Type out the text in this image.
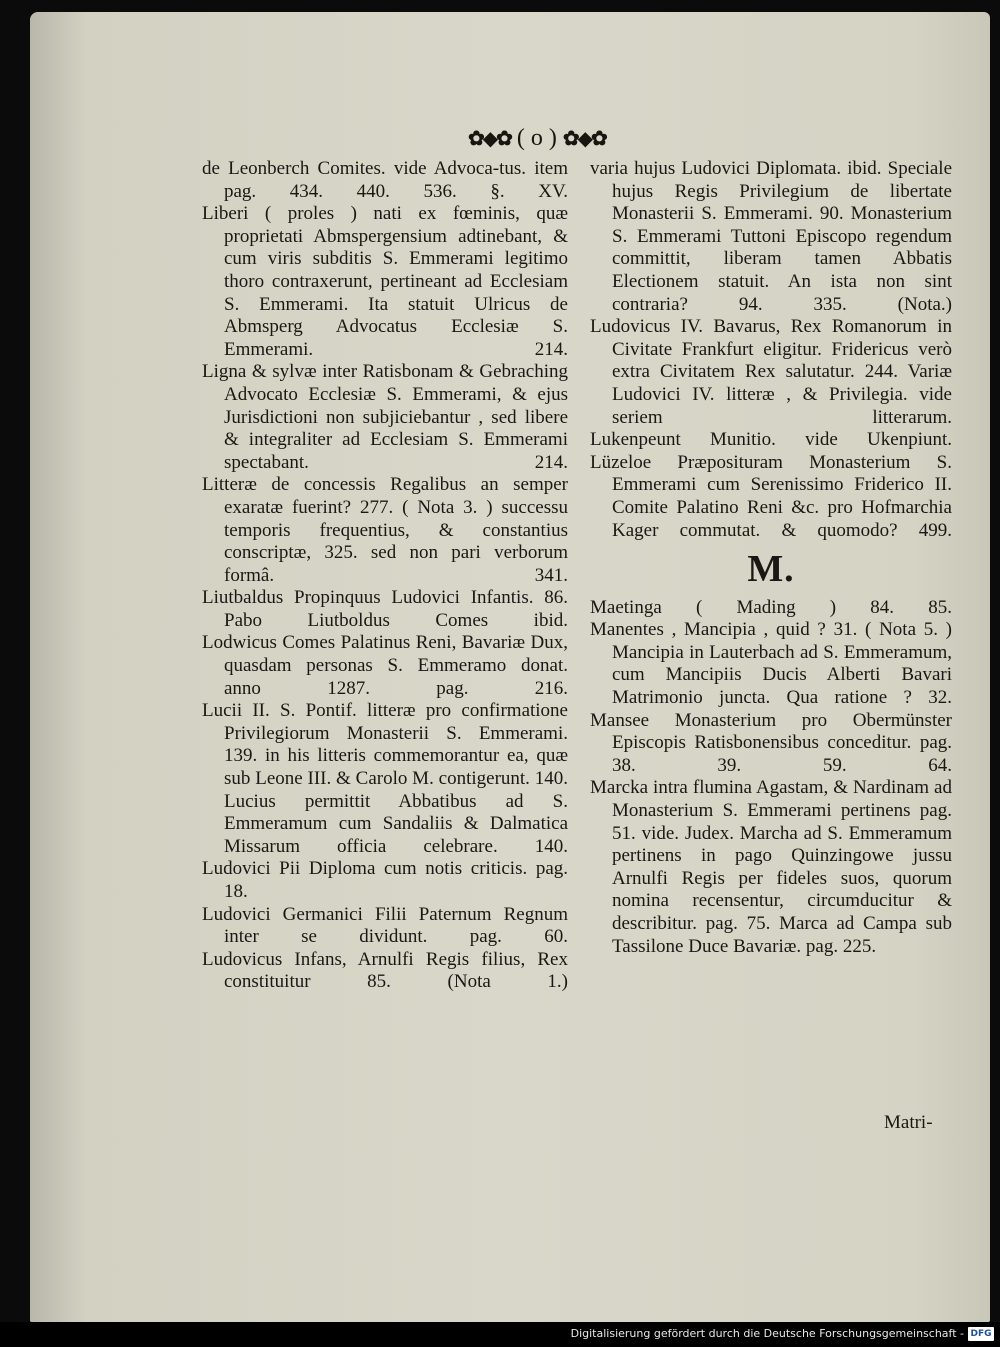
✿◆✿ ( o ) ✿◆✿

de Leonberch Comites. vide Advoca-tus. item pag. 434. 440. 536. §. XV.

Liberi ( proles ) nati ex fœminis, quæ proprietati Abmspergensium adtinebant, & cum viris subditis S. Emmerami legitimo thoro contraxerunt, pertineant ad Ecclesiam S. Emmerami. Ita statuit Ulricus de Abmsperg Advocatus Ecclesiæ S. Emmerami. 214.

Ligna & sylvæ inter Ratisbonam & Gebraching Advocato Ecclesiæ S. Emmerami, & ejus Jurisdictioni non subjiciebantur , sed libere & integraliter ad Ecclesiam S. Emmerami spectabant. 214.

Litteræ de concessis Regalibus an semper exaratæ fuerint? 277. ( Nota 3. ) successu temporis frequentius, & constantius conscriptæ, 325. sed non pari verborum formâ. 341.

Liutbaldus Propinquus Ludovici Infantis. 86. Pabo Liutboldus Comes ibid.

Lodwicus Comes Palatinus Reni, Bavariæ Dux, quasdam personas S. Emmeramo donat. anno 1287. pag. 216.

Lucii II. S. Pontif. litteræ pro confirmatione Privilegiorum Monasterii S. Emmerami. 139. in his litteris commemorantur ea, quæ sub Leone III. & Carolo M. contigerunt. 140. Lucius permittit Abbatibus ad S. Emmeramum cum Sandaliis & Dalmatica Missarum officia celebrare. 140.

Ludovici Pii Diploma cum notis criticis. pag. 18.

Ludovici Germanici Filii Paternum Regnum inter se dividunt. pag. 60.

Ludovicus Infans, Arnulfi Regis filius, Rex constituitur 85. (Nota 1.)

varia hujus Ludovici Diplomata. ibid. Speciale hujus Regis Privilegium de libertate Monasterii S. Emmerami. 90. Monasterium S. Emmerami Tuttoni Episcopo regendum committit, liberam tamen Abbatis Electionem statuit. An ista non sint contraria? 94. 335. (Nota.)

Ludovicus IV. Bavarus, Rex Romanorum in Civitate Frankfurt eligitur. Fridericus verò extra Civitatem Rex salutatur. 244. Variæ Ludovici IV. litteræ , & Privilegia. vide seriem litterarum.

Lukenpeunt Munitio. vide Ukenpiunt.

Lüzeloe Præposituram Monasterium S. Emmerami cum Serenissimo Friderico II. Comite Palatino Reni &c. pro Hofmarchia Kager commutat. & quomodo? 499.

M.

Maetinga ( Mading ) 84. 85.

Manentes , Mancipia , quid ? 31. ( Nota 5. ) Mancipia in Lauterbach ad S. Emmeramum, cum Mancipiis Ducis Alberti Bavari Matrimonio juncta. Qua ratione ? 32.

Mansee Monasterium pro Obermünster Episcopis Ratisbonensibus conceditur. pag. 38. 39. 59. 64.

Marcka intra flumina Agastam, & Nardinam ad Monasterium S. Emmerami pertinens pag. 51. vide. Judex. Marcha ad S. Emmeramum pertinens in pago Quinzingowe jussu Arnulfi Regis per fideles suos, quorum nomina recensentur, circumducitur & describitur. pag. 75. Marca ad Campa sub Tassilone Duce Bavariæ. pag. 225.

Matri-
Digitalisierung gefördert durch die Deutsche Forschungsgemeinschaft - DFG
